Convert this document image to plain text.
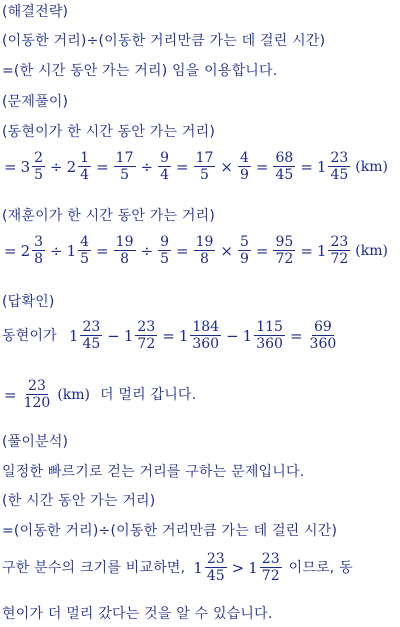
(해결전략)
(이동한 거리)÷(이동한 거리만큼 가는 데 걸린 시간)
=(한 시간 동안 가는 거리) 임을 이용합니다.
(문제풀이)
(동현이가 한 시간 동안 가는 거리)
= $3 \frac{2}{5} \div 2 \frac{1}{4} = \frac{17}{5} \div \frac{9}{4} = \frac{17}{5} \times \frac{4}{9} = \frac{68}{45} = 1 \frac{23}{45} (km)$
(재훈이가 한 시간 동안 가는 거리)
= $2 \frac{3}{8} \div 1 \frac{4}{5} = \frac{19}{8} \div \frac{9}{5} = \frac{19}{8} \times \frac{5}{9} = \frac{95}{72} = 1 \frac{23}{72} (km)$
(답확인)
동현이가 $1 \frac{23}{45} - 1 \frac{23}{72} = 1 \frac{184}{360} - 1 \frac{115}{360} = \frac{69}{360}$
= $\frac{23}{120} (km)$ 더 멀리 갑니다.
(풀이분석)
일정한 빠르기로 걷는 거리를 구하는 문제입니다.
(한 시간 동안 가는 거리)
=(이동한 거리)÷(이동한 거리만큼 가는 데 걸린 시간)
구한 분수의 크기를 비교하면, $1 \frac{23}{45} > 1 \frac{23}{72}$ 이므로, 동
현이가 더 멀리 갔다는 것을 알 수 있습니다.
